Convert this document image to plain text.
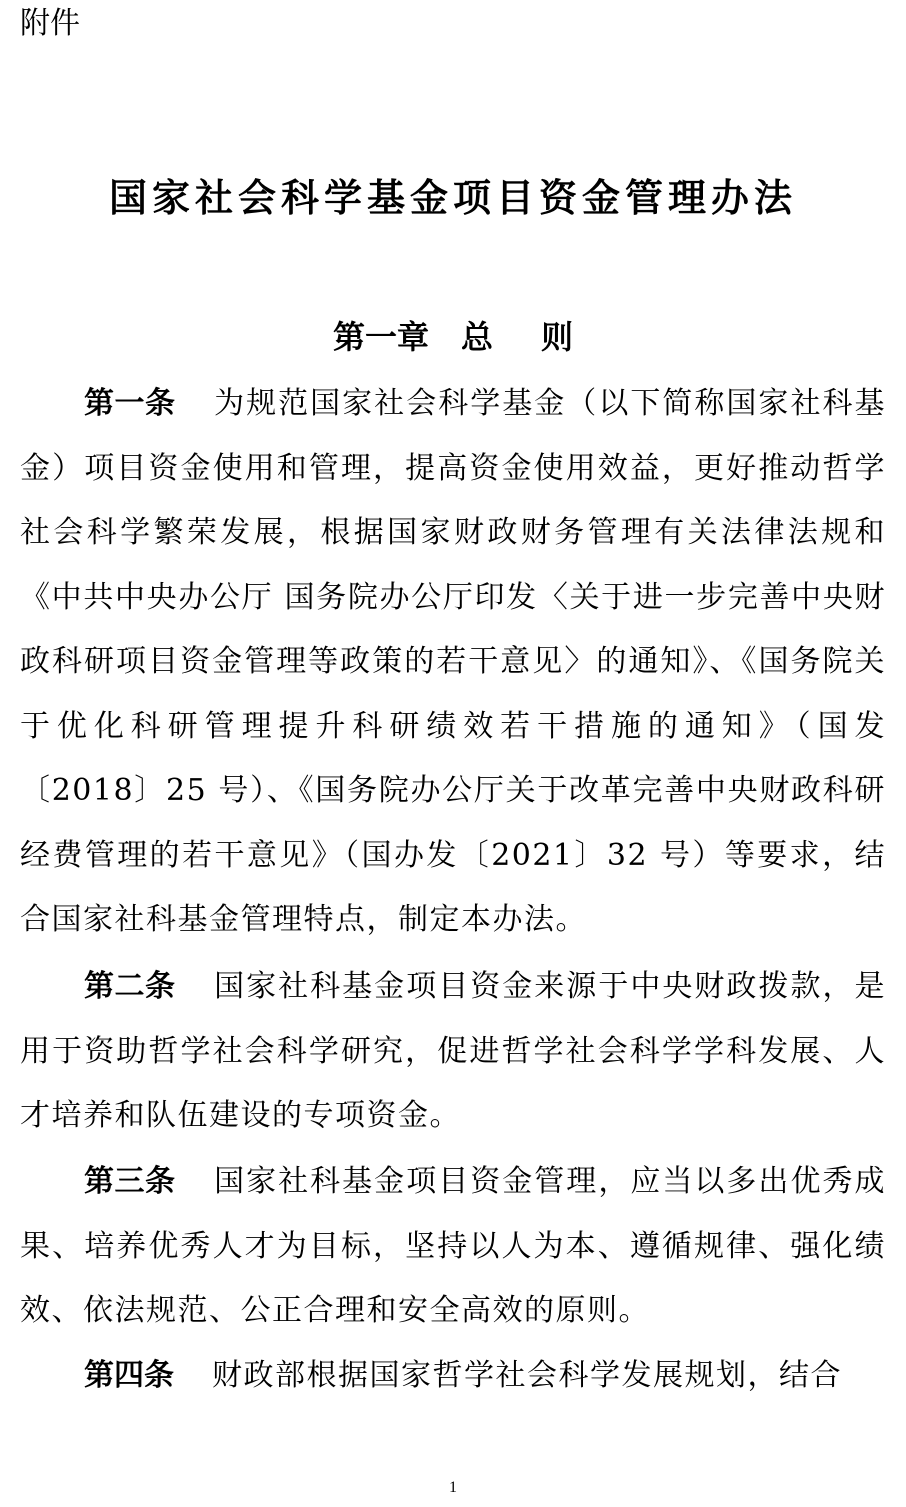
附件
国家社会科学基金项目资金管理办法
第一章 总 则
第一条 为规范国家社会科学基金（以下简称国家社科基金）项目资金使用和管理，提高资金使用效益，更好推动哲学社会科学繁荣发展，根据国家财政财务管理有关法律法规和《中共中央办公厅 国务院办公厅印发〈关于进一步完善中央财政科研项目资金管理等政策的若干意见〉的通知》、《国务院关于优化科研管理提升科研绩效若干措施的通知》（国发〔2018〕25 号）、《国务院办公厅关于改革完善中央财政科研经费管理的若干意见》（国办发〔2021〕32 号）等要求，结合国家社科基金管理特点，制定本办法。
第二条 国家社科基金项目资金来源于中央财政拨款，是用于资助哲学社会科学研究，促进哲学社会科学学科发展、人才培养和队伍建设的专项资金。
第三条 国家社科基金项目资金管理，应当以多出优秀成果、培养优秀人才为目标，坚持以人为本、遵循规律、强化绩效、依法规范、公正合理和安全高效的原则。
第四条 财政部根据国家哲学社会科学发展规划，结合
1
